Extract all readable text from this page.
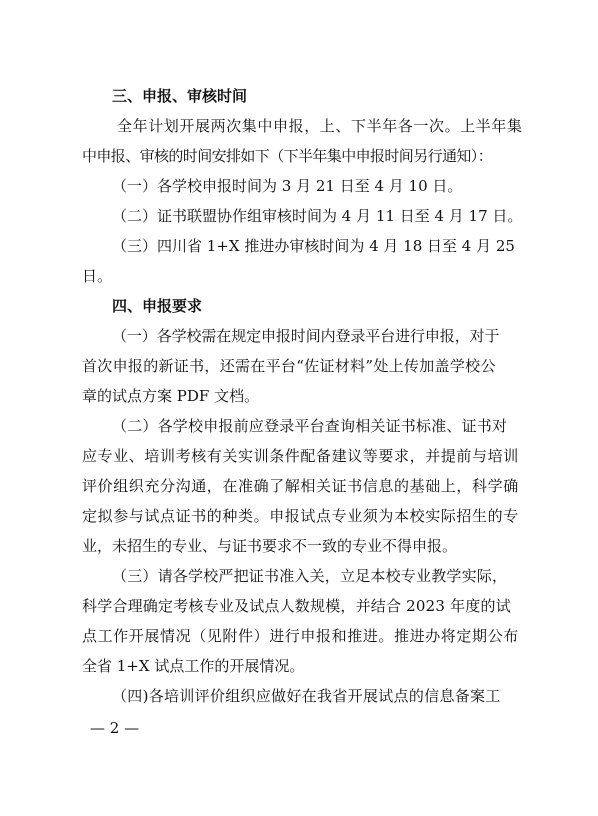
三、申报、审核时间
全年计划开展两次集中申报，上、下半年各一次。上半年集
中申报、审核的时间安排如下（下半年集中申报时间另行通知）：
（一）各学校申报时间为 3 月 21 日至 4 月 10 日。
（二）证书联盟协作组审核时间为 4 月 11 日至 4 月 17 日。
（三）四川省 1+X 推进办审核时间为 4 月 18 日至 4 月 25
日。
四、申报要求
（一）各学校需在规定申报时间内登录平台进行申报，对于
首次申报的新证书，还需在平台“佐证材料”处上传加盖学校公
章的试点方案 PDF 文档。
（二）各学校申报前应登录平台查询相关证书标准、证书对
应专业、培训考核有关实训条件配备建议等要求，并提前与培训
评价组织充分沟通，在准确了解相关证书信息的基础上，科学确
定拟参与试点证书的种类。申报试点专业须为本校实际招生的专
业，未招生的专业、与证书要求不一致的专业不得申报。
（三）请各学校严把证书准入关，立足本校专业教学实际，
科学合理确定考核专业及试点人数规模，并结合 2023 年度的试
点工作开展情况（见附件）进行申报和推进。推进办将定期公布
全省 1+X 试点工作的开展情况。
（四)各培训评价组织应做好在我省开展试点的信息备案工
— 2 —
